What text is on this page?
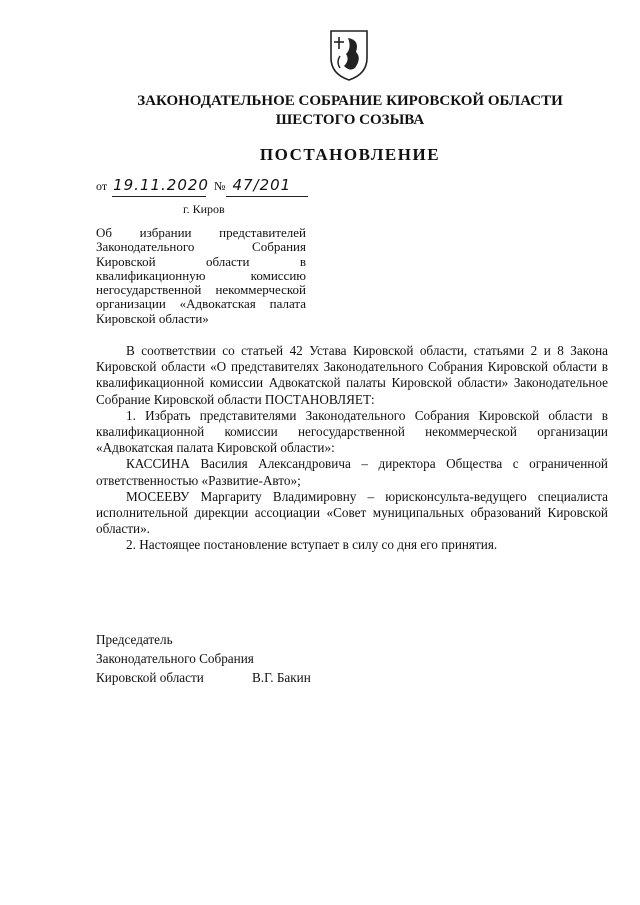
ЗАКОНОДАТЕЛЬНОЕ СОБРАНИЕ КИРОВСКОЙ ОБЛАСТИ
ШЕСТОГО СОЗЫВА
ПОСТАНОВЛЕНИЕ
от 19.11.2020 № 47/201
г. Киров
Об избрании представителей Законодательного Собрания Кировской области в квалификационную комиссию негосударственной некоммерческой организации «Адвокатская палата Кировской области»

В соответствии со статьей 42 Устава Кировской области, статьями 2 и 8 Закона Кировской области «О представителях Законодательного Собрания Кировской области в квалификационной комиссии Адвокатской палаты Кировской области» Законодательное Собрание Кировской области ПОСТАНОВЛЯЕТ:

1. Избрать представителями Законодательного Собрания Кировской области в квалификационной комиссии негосударственной некоммерческой организации «Адвокатская палата Кировской области»:

КАССИНА Василия Александровича – директора Общества с ограниченной ответственностью «Развитие-Авто»;

МОСЕЕВУ Маргариту Владимировну – юрисконсульта-ведущего специалиста исполнительной дирекции ассоциации «Совет муниципальных образований Кировской области».

2. Настоящее постановление вступает в силу со дня его принятия.

Председатель
Законодательного Собрания
Кировской области	В.Г. Бакин
